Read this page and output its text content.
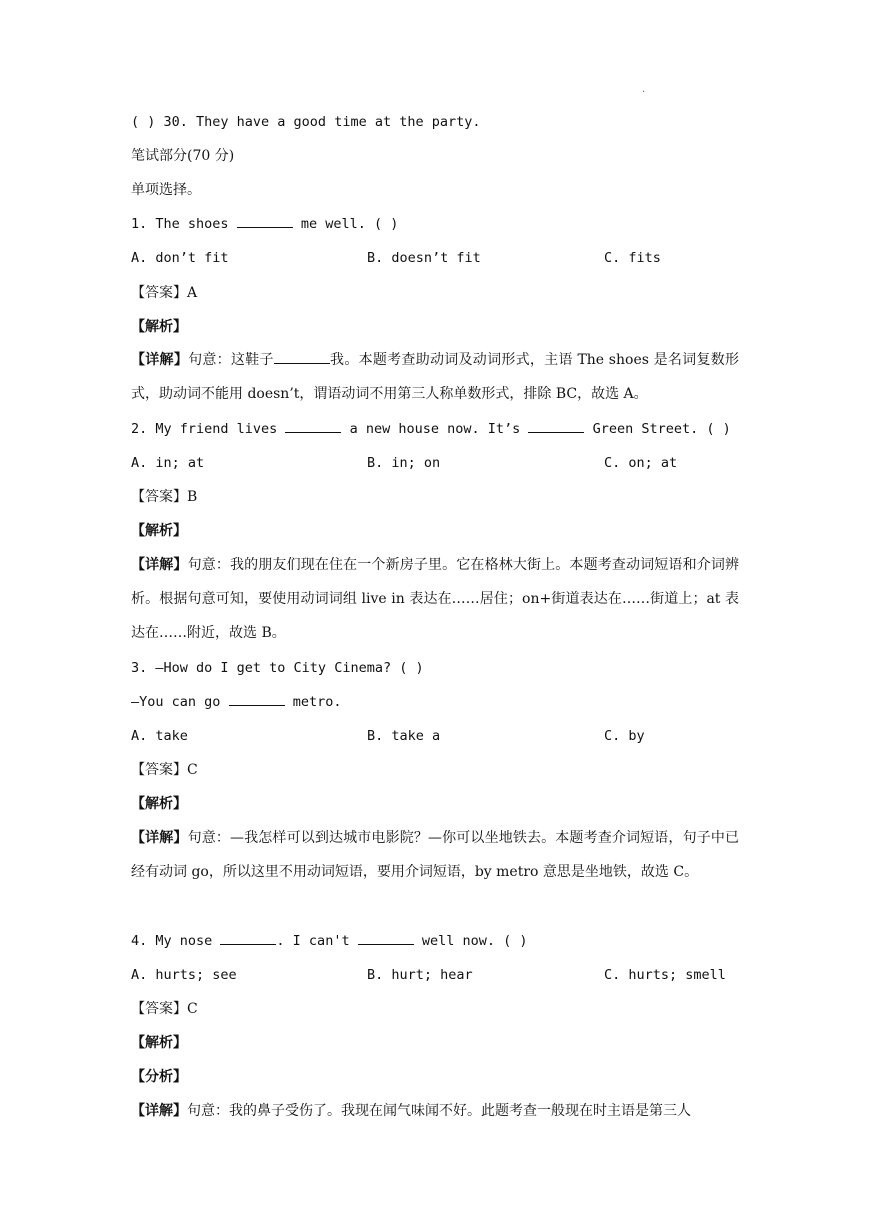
.
( ) 30. They have a good time at the party.
笔试部分(70 分)
单项选择。
1. The shoes	me well. ( )
A. don’t fit	B. doesn’t fit	C. fits
【答案】A
【解析】
【详解】句意：这鞋子	我。本题考查助动词及动词形式，主语 The shoes 是名词复数形式，助动词不能用 doesn’t，谓语动词不用第三人称单数形式，排除 BC，故选 A。
2. My friend lives	a new house now. It’s	Green Street. ( )
A. in; at	B. in; on	C. on; at
【答案】B
【解析】
【详解】句意：我的朋友们现在住在一个新房子里。它在格林大街上。本题考查动词短语和介词辨析。根据句意可知，要使用动词词组 live in 表达在……居住；on+街道表达在……街道上；at 表达在……附近，故选 B。
3. —How do I get to City Cinema? ( )
—You can go	metro.
A. take	B. take a	C. by
【答案】C
【解析】
【详解】句意：—我怎样可以到达城市电影院？—你可以坐地铁去。本题考查介词短语，句子中已经有动词 go，所以这里不用动词短语，要用介词短语，by metro 意思是坐地铁，故选 C。
4. My nose	. I can't	well now. ( )
A. hurts; see	B. hurt; hear	C. hurts; smell
【答案】C
【解析】
【分析】
【详解】句意：我的鼻子受伤了。我现在闻气味闻不好。此题考查一般现在时主语是第三人
